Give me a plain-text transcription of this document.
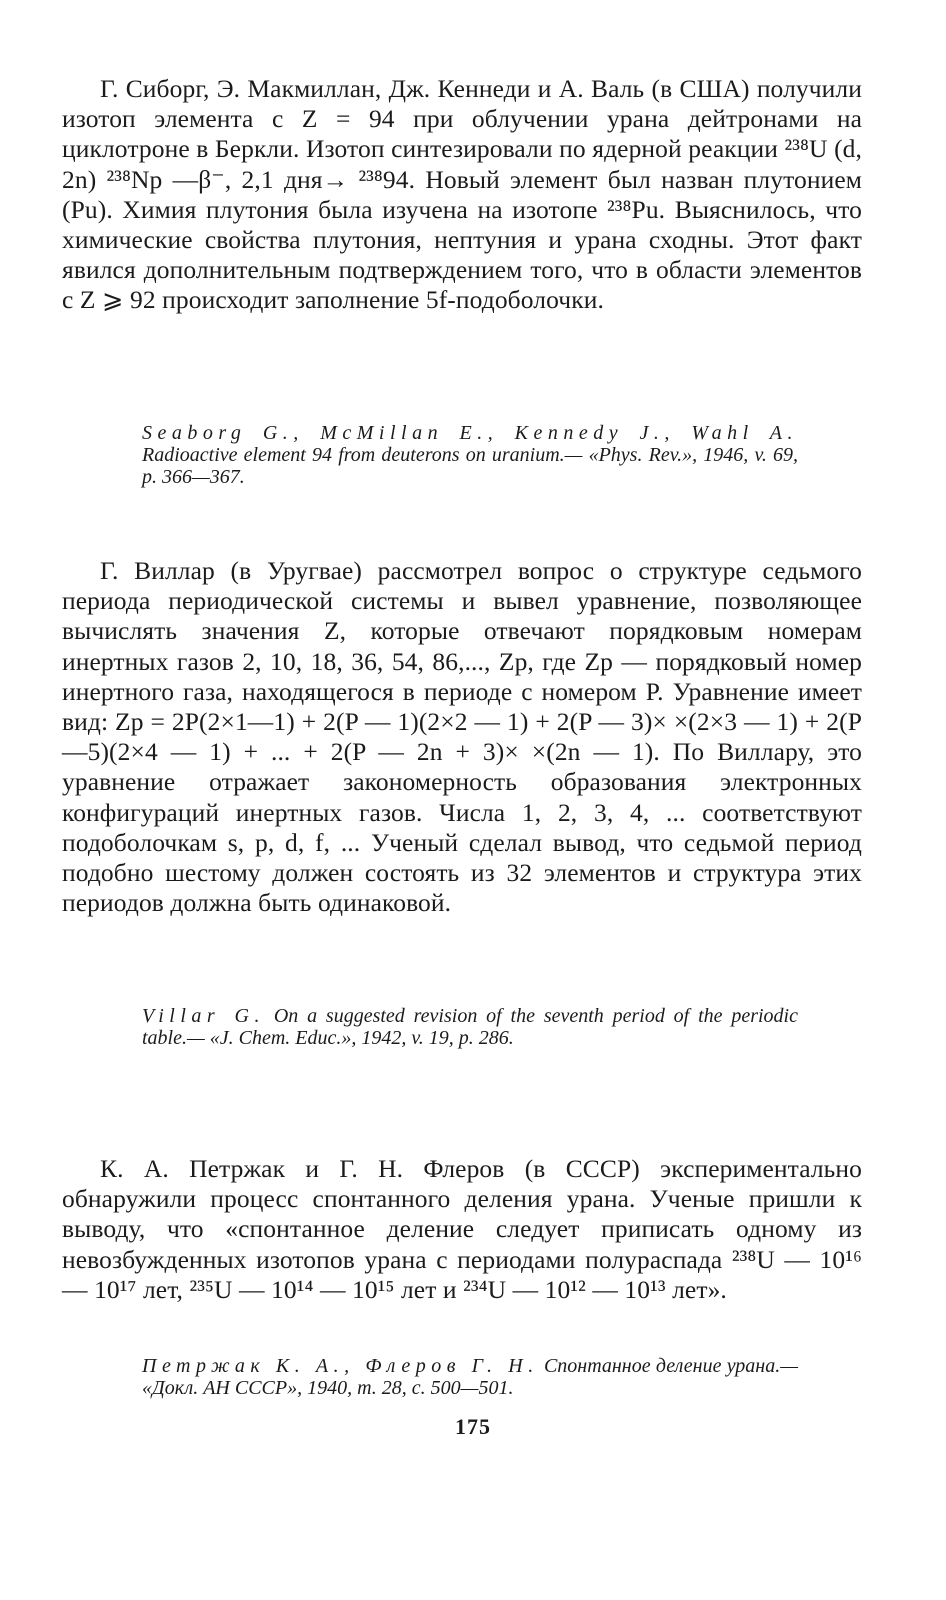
Г. Сиборг, Э. Макмиллан, Дж. Кеннеди и А. Валь (в США) получили изотоп элемента с Z = 94 при облучении урана дейтронами на циклотроне в Беркли. Изотоп синтезировали по ядерной реакции ²³⁸U (d, 2n) ²³⁸Np —β⁻, 2,1 дня→ ²³⁸94. Новый элемент был назван плутонием (Pu). Химия плутония была изучена на изотопе ²³⁸Pu. Выяснилось, что химические свойства плутония, нептуния и урана сходны. Этот факт явился дополнительным подтверждением того, что в области элементов с Z ⩾ 92 происходит заполнение 5f-подоболочки.

Seaborg G., McMillan E., Kennedy J., Wahl A. Radioactive element 94 from deuterons on uranium.— «Phys. Rev.», 1946, v. 69, p. 366—367.

Г. Виллар (в Уругвае) рассмотрел вопрос о структуре седьмого периода периодической системы и вывел уравнение, позволяющее вычислять значения Z, которые отвечают порядковым номерам инертных газов 2, 10, 18, 36, 54, 86,..., Zp, где Zp — порядковый номер инертного газа, находящегося в периоде с номером P. Уравнение имеет вид: Zp = 2P(2×1—1) + 2(P — 1)(2×2 — 1) + 2(P — 3)× ×(2×3 — 1) + 2(P —5)(2×4 — 1) + ... + 2(P — 2n + 3)× ×(2n — 1). По Виллару, это уравнение отражает закономерность образования электронных конфигураций инертных газов. Числа 1, 2, 3, 4, ... соответствуют подоболочкам s, p, d, f, ... Ученый сделал вывод, что седьмой период подобно шестому должен состоять из 32 элементов и структура этих периодов должна быть одинаковой.

Villar G. On a suggested revision of the seventh period of the periodic table.— «J. Chem. Educ.», 1942, v. 19, p. 286.

К. А. Петржак и Г. Н. Флеров (в СССР) экспериментально обнаружили процесс спонтанного деления урана. Ученые пришли к выводу, что «спонтанное деление следует приписать одному из невозбужденных изотопов урана с периодами полураспада ²³⁸U — 10¹⁶ — 10¹⁷ лет, ²³⁵U — 10¹⁴ — 10¹⁵ лет и ²³⁴U — 10¹² — 10¹³ лет».

Петржак К. А., Флеров Г. Н. Спонтанное деление урана.— «Докл. АН СССР», 1940, т. 28, с. 500—501.

175
